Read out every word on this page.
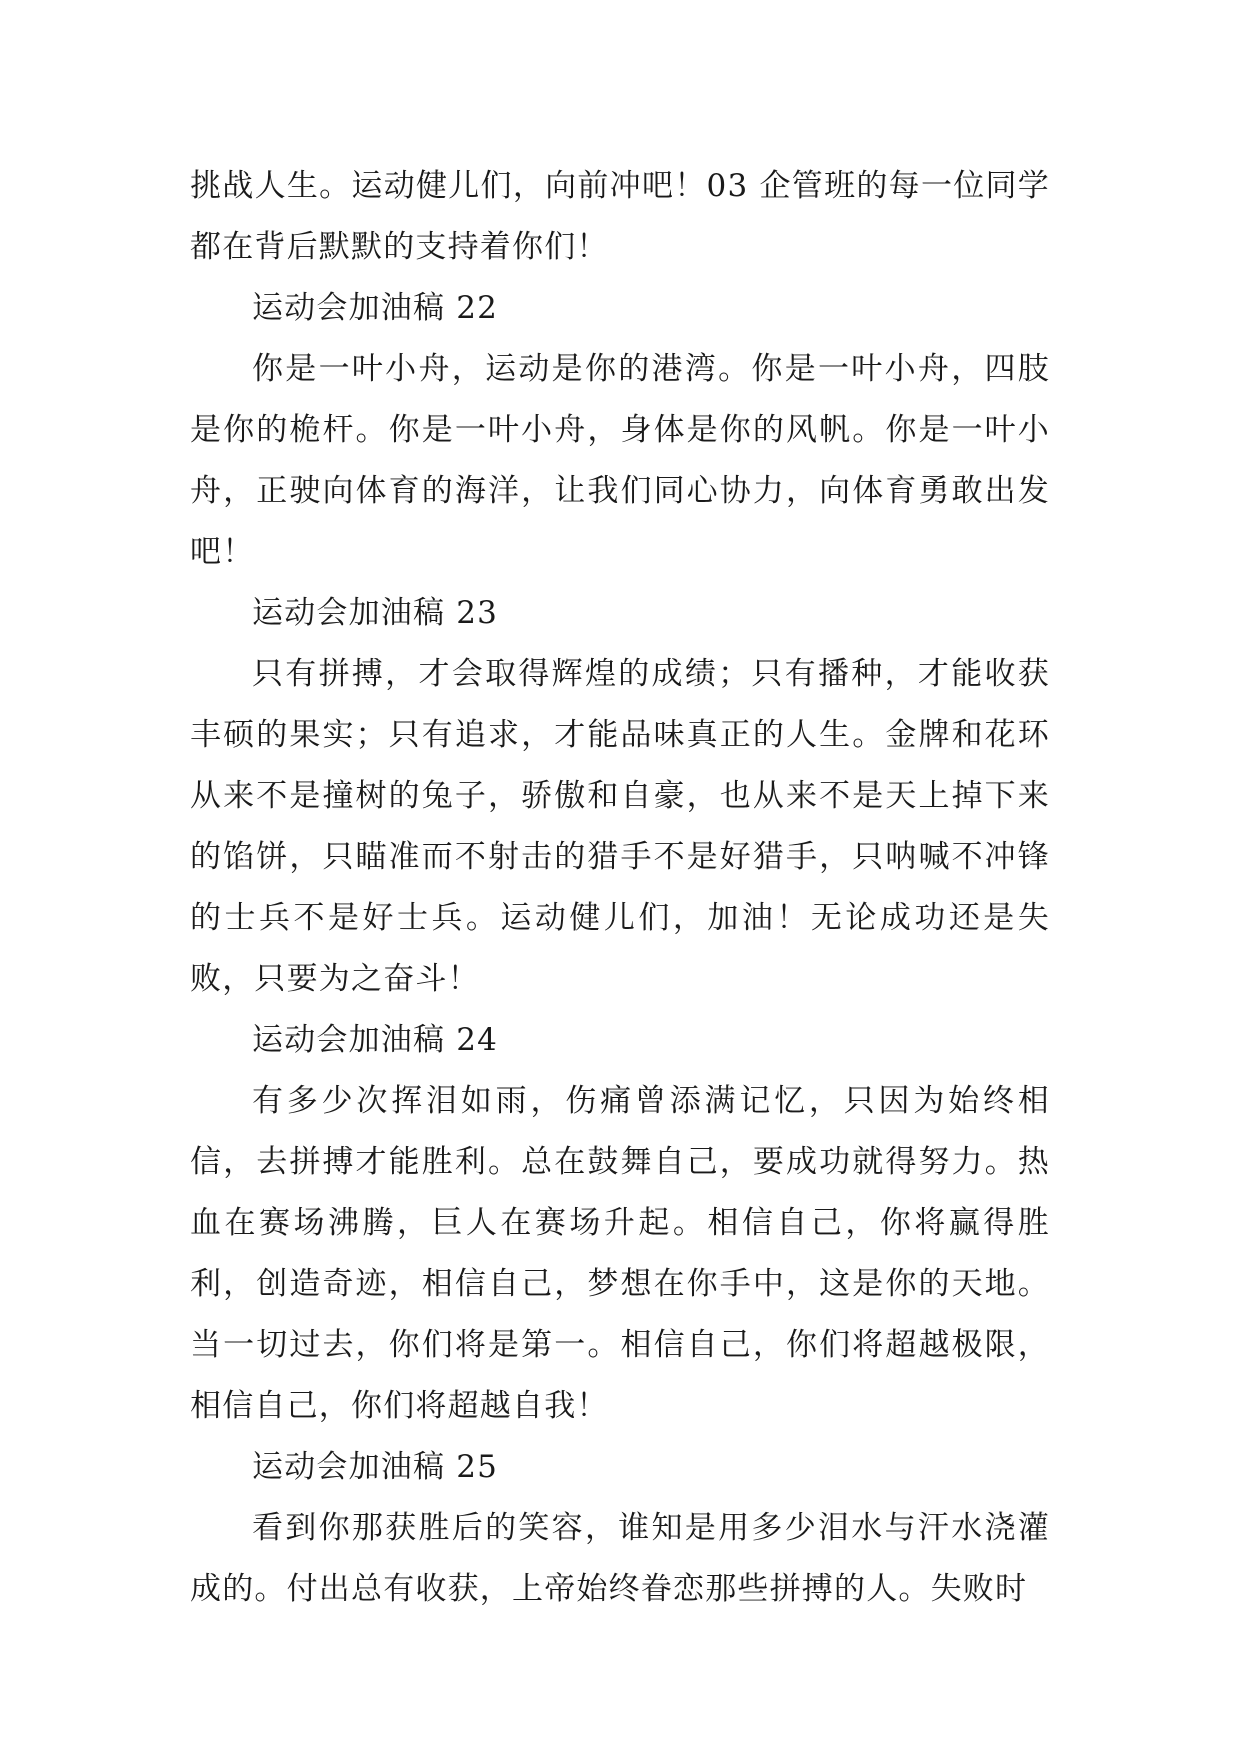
挑战人生。运动健儿们，向前冲吧！03 企管班的每一位同学都在背后默默的支持着你们！

运动会加油稿 22

你是一叶小舟，运动是你的港湾。你是一叶小舟，四肢是你的桅杆。你是一叶小舟，身体是你的风帆。你是一叶小舟，正驶向体育的海洋，让我们同心协力，向体育勇敢出发吧！

运动会加油稿 23

只有拼搏，才会取得辉煌的成绩；只有播种，才能收获丰硕的果实；只有追求，才能品味真正的人生。金牌和花环从来不是撞树的兔子，骄傲和自豪，也从来不是天上掉下来的馅饼，只瞄准而不射击的猎手不是好猎手，只呐喊不冲锋的士兵不是好士兵。运动健儿们，加油！无论成功还是失败，只要为之奋斗！

运动会加油稿 24

有多少次挥泪如雨，伤痛曾添满记忆，只因为始终相信，去拼搏才能胜利。总在鼓舞自己，要成功就得努力。热血在赛场沸腾，巨人在赛场升起。相信自己，你将赢得胜利，创造奇迹，相信自己，梦想在你手中，这是你的天地。当一切过去，你们将是第一。相信自己，你们将超越极限，相信自己，你们将超越自我！

运动会加油稿 25

看到你那获胜后的笑容，谁知是用多少泪水与汗水浇灌成的。付出总有收获，上帝始终眷恋那些拼搏的人。失败时
